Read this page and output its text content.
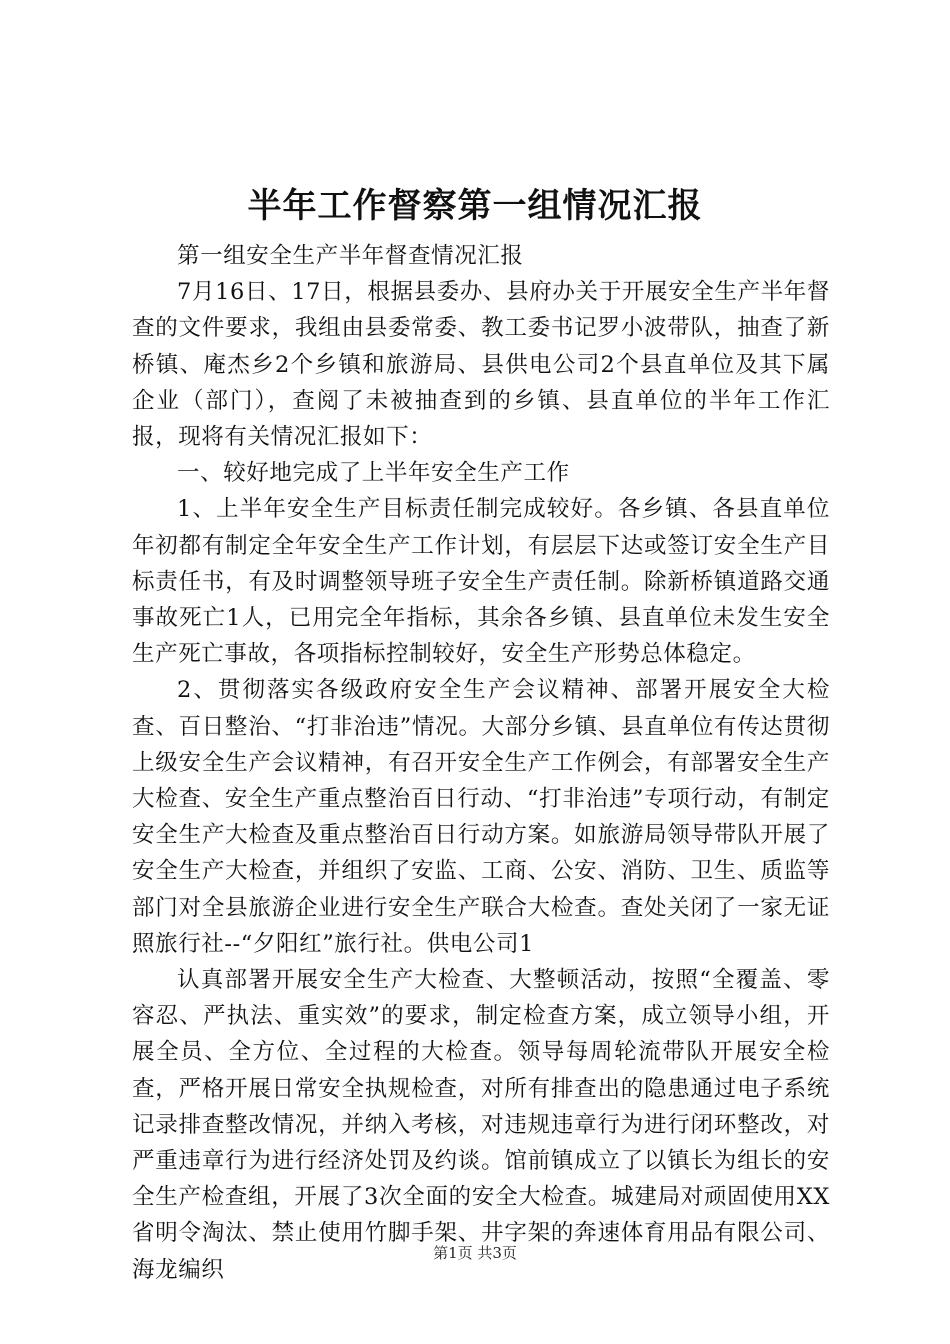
半年工作督察第一组情况汇报

第一组安全生产半年督查情况汇报

7月16日、17日，根据县委办、县府办关于开展安全生产半年督查的文件要求，我组由县委常委、教工委书记罗小波带队，抽查了新桥镇、庵杰乡2个乡镇和旅游局、县供电公司2个县直单位及其下属企业（部门），查阅了未被抽查到的乡镇、县直单位的半年工作汇报，现将有关情况汇报如下：

一、较好地完成了上半年安全生产工作

1、上半年安全生产目标责任制完成较好。各乡镇、各县直单位年初都有制定全年安全生产工作计划，有层层下达或签订安全生产目标责任书，有及时调整领导班子安全生产责任制。除新桥镇道路交通事故死亡1人，已用完全年指标，其余各乡镇、县直单位未发生安全生产死亡事故，各项指标控制较好，安全生产形势总体稳定。

2、贯彻落实各级政府安全生产会议精神、部署开展安全大检查、百日整治、“打非治违”情况。大部分乡镇、县直单位有传达贯彻上级安全生产会议精神，有召开安全生产工作例会，有部署安全生产大检查、安全生产重点整治百日行动、“打非治违”专项行动，有制定安全生产大检查及重点整治百日行动方案。如旅游局领导带队开展了安全生产大检查，并组织了安监、工商、公安、消防、卫生、质监等部门对全县旅游企业进行安全生产联合大检查。查处关闭了一家无证照旅行社--“夕阳红”旅行社。供电公司1

认真部署开展安全生产大检查、大整顿活动，按照“全覆盖、零容忍、严执法、重实效”的要求，制定检查方案，成立领导小组，开展全员、全方位、全过程的大检查。领导每周轮流带队开展安全检查，严格开展日常安全执规检查，对所有排查出的隐患通过电子系统记录排查整改情况，并纳入考核，对违规违章行为进行闭环整改，对严重违章行为进行经济处罚及约谈。馆前镇成立了以镇长为组长的安全生产检查组，开展了3次全面的安全大检查。城建局对顽固使用XX省明令淘汰、禁止使用竹脚手架、井字架的奔速体育用品有限公司、海龙编织

第1页 共3页
